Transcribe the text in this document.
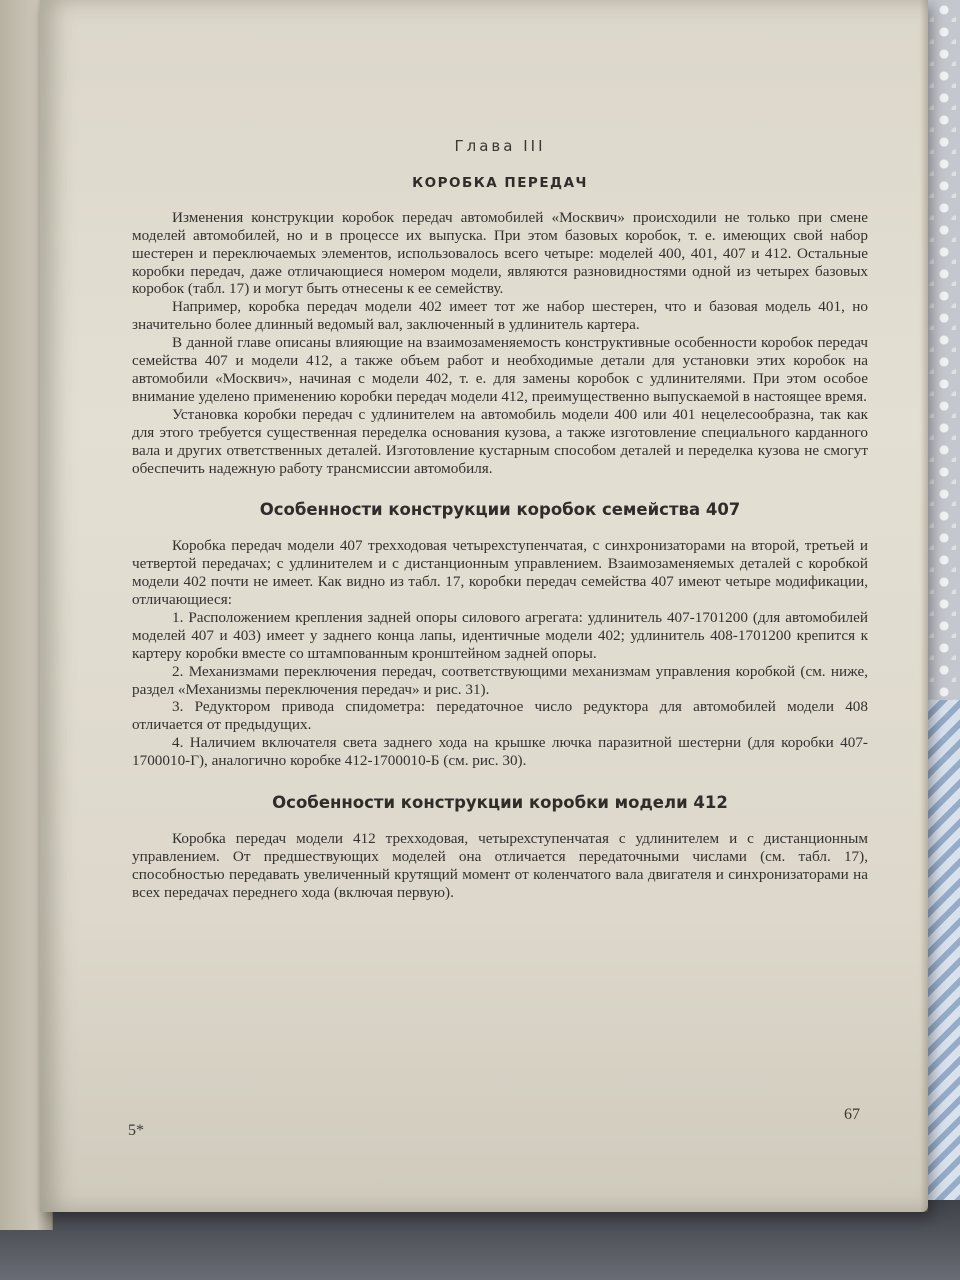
Глава III
КОРОБКА ПЕРЕДАЧ

Изменения конструкции коробок передач автомобилей «Москвич» происходили не только при смене моделей автомобилей, но и в процессе их выпуска. При этом базовых коробок, т. е. имеющих свой набор шестерен и переключаемых элементов, использовалось всего четыре: моделей 400, 401, 407 и 412. Остальные коробки передач, даже отличающиеся номером модели, являются разновидностями одной из четырех базовых коробок (табл. 17) и могут быть отнесены к ее семейству.

Например, коробка передач модели 402 имеет тот же набор шестерен, что и базовая модель 401, но значительно более длинный ведомый вал, заключенный в удлинитель картера.

В данной главе описаны влияющие на взаимозаменяемость конструктивные особенности коробок передач семейства 407 и модели 412, а также объем работ и необходимые детали для установки этих коробок на автомобили «Москвич», начиная с модели 402, т. е. для замены коробок с удлинителями. При этом особое внимание уделено применению коробки передач модели 412, преимущественно выпускаемой в настоящее время.

Установка коробки передач с удлинителем на автомобиль модели 400 или 401 нецелесообразна, так как для этого требуется существенная переделка основания кузова, а также изготовление специального карданного вала и других ответственных деталей. Изготовление кустарным способом деталей и переделка кузова не смогут обеспечить надежную работу трансмиссии автомобиля.

Особенности конструкции коробок семейства 407

Коробка передач модели 407 трехходовая четырехступенчатая, с синхронизаторами на второй, третьей и четвертой передачах; с удлинителем и с дистанционным управлением. Взаимозаменяемых деталей с коробкой модели 402 почти не имеет. Как видно из табл. 17, коробки передач семейства 407 имеют четыре модификации, отличающиеся:

1. Расположением крепления задней опоры силового агрегата: удлинитель 407-1701200 (для автомобилей моделей 407 и 403) имеет у заднего конца лапы, идентичные модели 402; удлинитель 408-1701200 крепится к картеру коробки вместе со штампованным кронштейном задней опоры.

2. Механизмами переключения передач, соответствующими механизмам управления коробкой (см. ниже, раздел «Механизмы переключения передач» и рис. 31).

3. Редуктором привода спидометра: передаточное число редуктора для автомобилей модели 408 отличается от предыдущих.

4. Наличием включателя света заднего хода на крышке лючка паразитной шестерни (для коробки 407-1700010-Г), аналогично коробке 412-1700010-Б (см. рис. 30).

Особенности конструкции коробки модели 412

Коробка передач модели 412 трехходовая, четырехступенчатая с удлинителем и с дистанционным управлением. От предшествующих моделей она отличается передаточными числами (см. табл. 17), способностью передавать увеличенный крутящий момент от коленчатого вала двигателя и синхронизаторами на всех передачах переднего хода (включая первую).

5*
67
